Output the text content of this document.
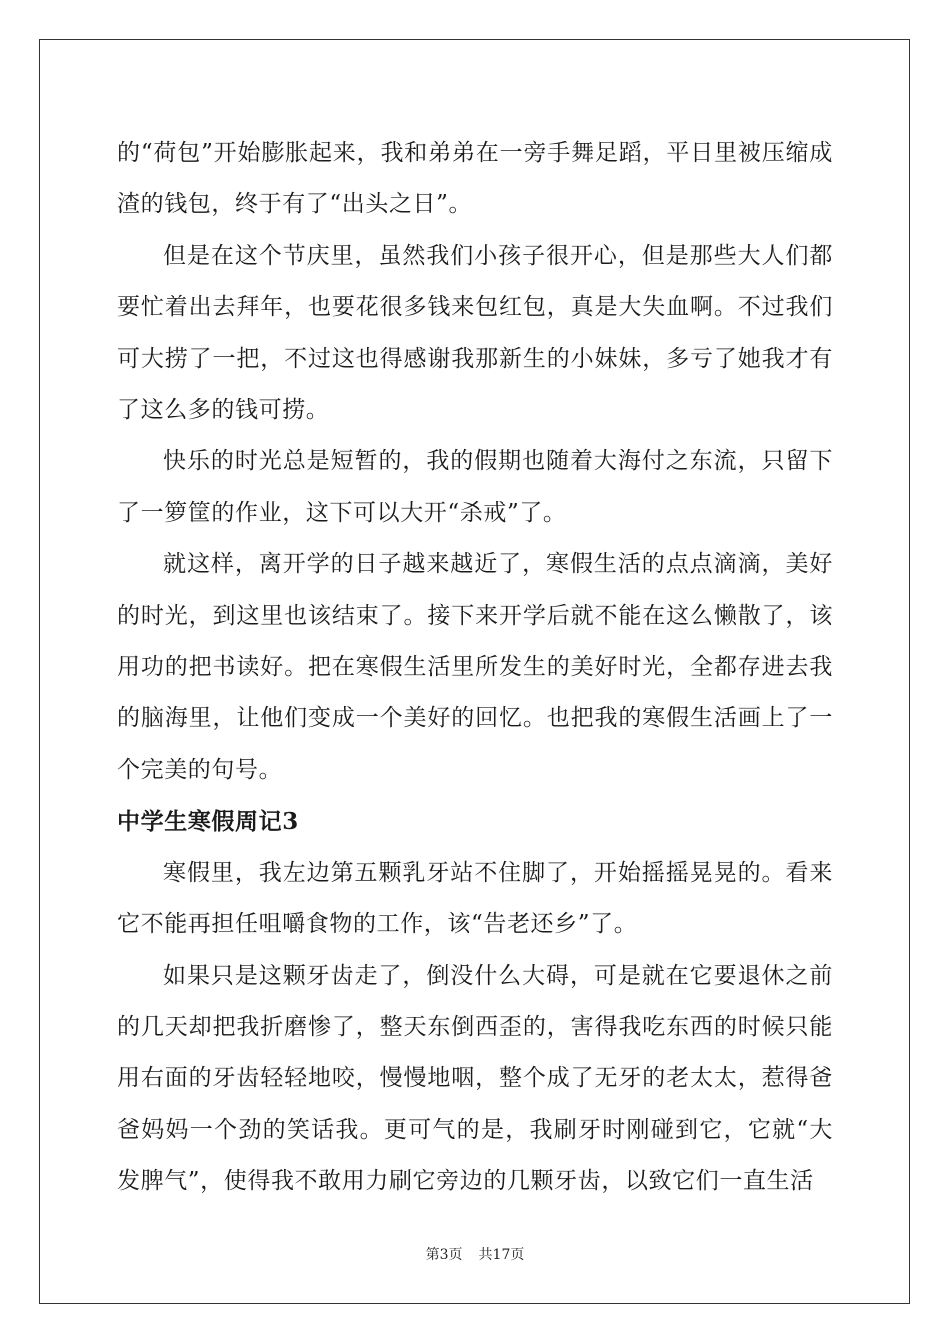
的“荷包”开始膨胀起来，我和弟弟在一旁手舞足蹈，平日里被压缩成渣的钱包，终于有了“出头之日”。

但是在这个节庆里，虽然我们小孩子很开心，但是那些大人们都要忙着出去拜年，也要花很多钱来包红包，真是大失血啊。不过我们可大捞了一把，不过这也得感谢我那新生的小妹妹，多亏了她我才有了这么多的钱可捞。

快乐的时光总是短暂的，我的假期也随着大海付之东流，只留下了一箩筐的作业，这下可以大开“杀戒”了。

就这样，离开学的日子越来越近了，寒假生活的点点滴滴，美好的时光，到这里也该结束了。接下来开学后就不能在这么懒散了，该用功的把书读好。把在寒假生活里所发生的美好时光，全都存进去我的脑海里，让他们变成一个美好的回忆。也把我的寒假生活画上了一个完美的句号。

中学生寒假周记3

寒假里，我左边第五颗乳牙站不住脚了，开始摇摇晃晃的。看来它不能再担任咀嚼食物的工作，该“告老还乡”了。

如果只是这颗牙齿走了，倒没什么大碍，可是就在它要退休之前的几天却把我折磨惨了，整天东倒西歪的，害得我吃东西的时候只能用右面的牙齿轻轻地咬，慢慢地咽，整个成了无牙的老太太，惹得爸爸妈妈一个劲的笑话我。更可气的是，我刷牙时刚碰到它，它就“大发脾气”，使得我不敢用力刷它旁边的几颗牙齿，以致它们一直生活

第3页 共17页
